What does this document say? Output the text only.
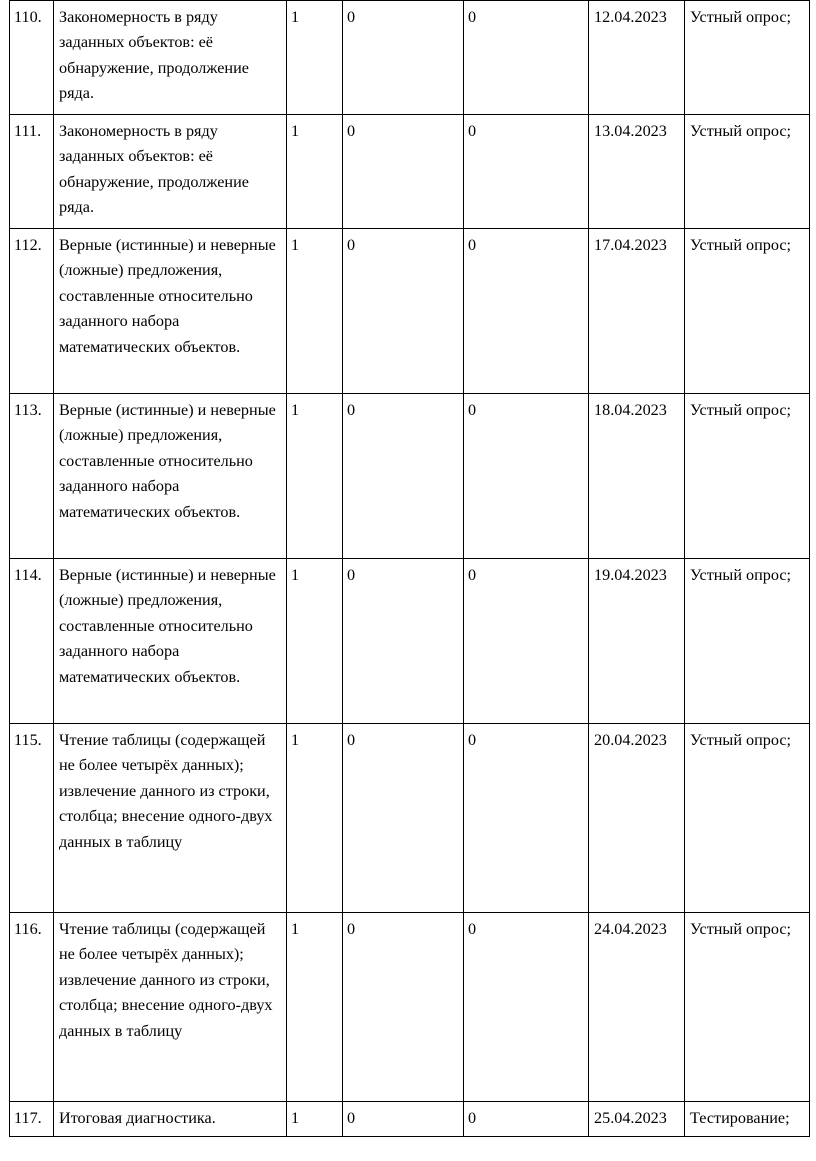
110.	Закономерность в ряду заданных объектов: её обнаружение, продолжение ряда.	1	0	0	12.04.2023	Устный опрос;
111.	Закономерность в ряду заданных объектов: её обнаружение, продолжение ряда.	1	0	0	13.04.2023	Устный опрос;
112.	Верные (истинные) и неверные (ложные) предложения, составленные относительно заданного набора математических объектов.	1	0	0	17.04.2023	Устный опрос;
113.	Верные (истинные) и неверные (ложные) предложения, составленные относительно заданного набора математических объектов.	1	0	0	18.04.2023	Устный опрос;
114.	Верные (истинные) и неверные (ложные) предложения, составленные относительно заданного набора математических объектов.	1	0	0	19.04.2023	Устный опрос;
115.	Чтение таблицы (содержащей не более четырёх данных); извлечение данного из строки, столбца; внесение одного-двух данных в таблицу	1	0	0	20.04.2023	Устный опрос;
116.	Чтение таблицы (содержащей не более четырёх данных); извлечение данного из строки, столбца; внесение одного-двух данных в таблицу	1	0	0	24.04.2023	Устный опрос;
117.	Итоговая диагностика.	1	0	0	25.04.2023	Тестирование;
